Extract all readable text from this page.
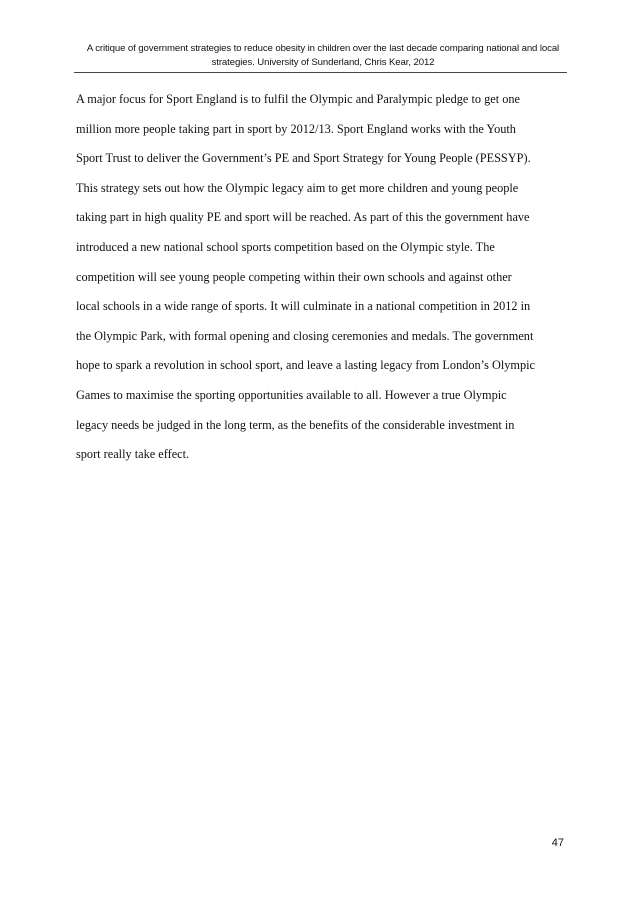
A critique of government strategies to reduce obesity in children over the last decade comparing national and local strategies. University of Sunderland, Chris Kear, 2012

A major focus for Sport England is to fulfil the Olympic and Paralympic pledge to get one
million more people taking part in sport by 2012/13. Sport England works with the Youth
Sport Trust to deliver the Government’s PE and Sport Strategy for Young People (PESSYP).
This strategy sets out how the Olympic legacy aim to get more children and young people
taking part in high quality PE and sport will be reached. As part of this the government have
introduced a new national school sports competition based on the Olympic style. The
competition will see young people competing within their own schools and against other
local schools in a wide range of sports. It will culminate in a national competition in 2012 in
the Olympic Park, with formal opening and closing ceremonies and medals. The government
hope to spark a revolution in school sport, and leave a lasting legacy from London’s Olympic
Games to maximise the sporting opportunities available to all. However a true Olympic
legacy needs be judged in the long term, as the benefits of the considerable investment in
sport really take effect.

47
